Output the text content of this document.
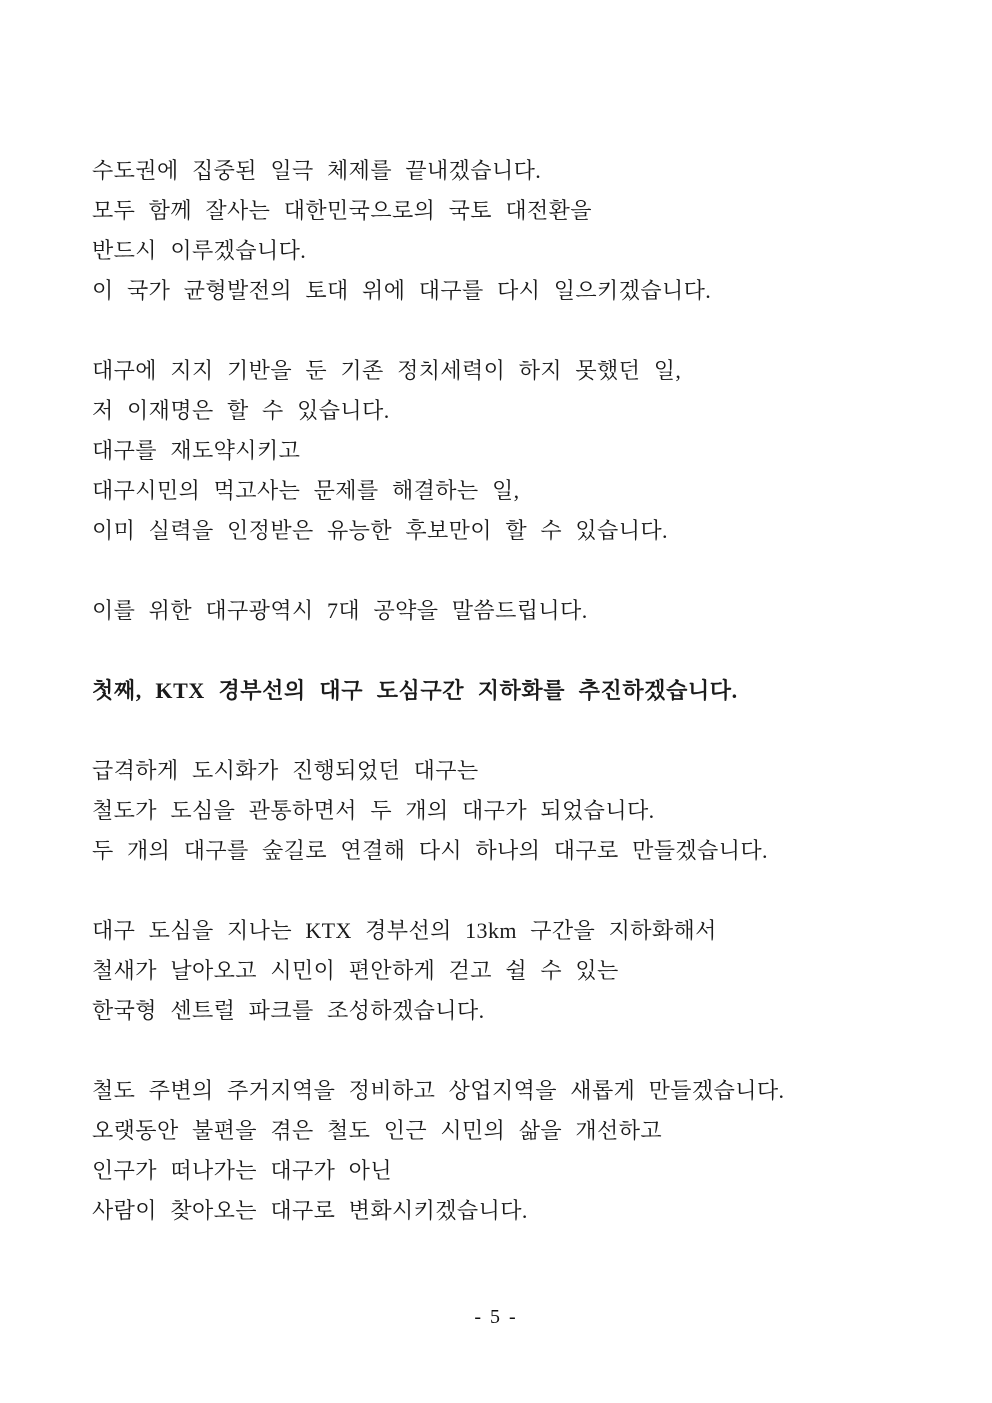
수도권에 집중된 일극 체제를 끝내겠습니다.
모두 함께 잘사는 대한민국으로의 국토 대전환을
반드시 이루겠습니다.
이 국가 균형발전의 토대 위에 대구를 다시 일으키겠습니다.
대구에 지지 기반을 둔 기존 정치세력이 하지 못했던 일,
저 이재명은 할 수 있습니다.
대구를 재도약시키고
대구시민의 먹고사는 문제를 해결하는 일,
이미 실력을 인정받은 유능한 후보만이 할 수 있습니다.
이를 위한 대구광역시 7대 공약을 말씀드립니다.
첫째, KTX 경부선의 대구 도심구간 지하화를 추진하겠습니다.
급격하게 도시화가 진행되었던 대구는
철도가 도심을 관통하면서 두 개의 대구가 되었습니다.
두 개의 대구를 숲길로 연결해 다시 하나의 대구로 만들겠습니다.
대구 도심을 지나는 KTX 경부선의 13km 구간을 지하화해서
철새가 날아오고 시민이 편안하게 걷고 쉴 수 있는
한국형 센트럴 파크를 조성하겠습니다.
철도 주변의 주거지역을 정비하고 상업지역을 새롭게 만들겠습니다.
오랫동안 불편을 겪은 철도 인근 시민의 삶을 개선하고
인구가 떠나가는 대구가 아닌
사람이 찾아오는 대구로 변화시키겠습니다.
- 5 -
